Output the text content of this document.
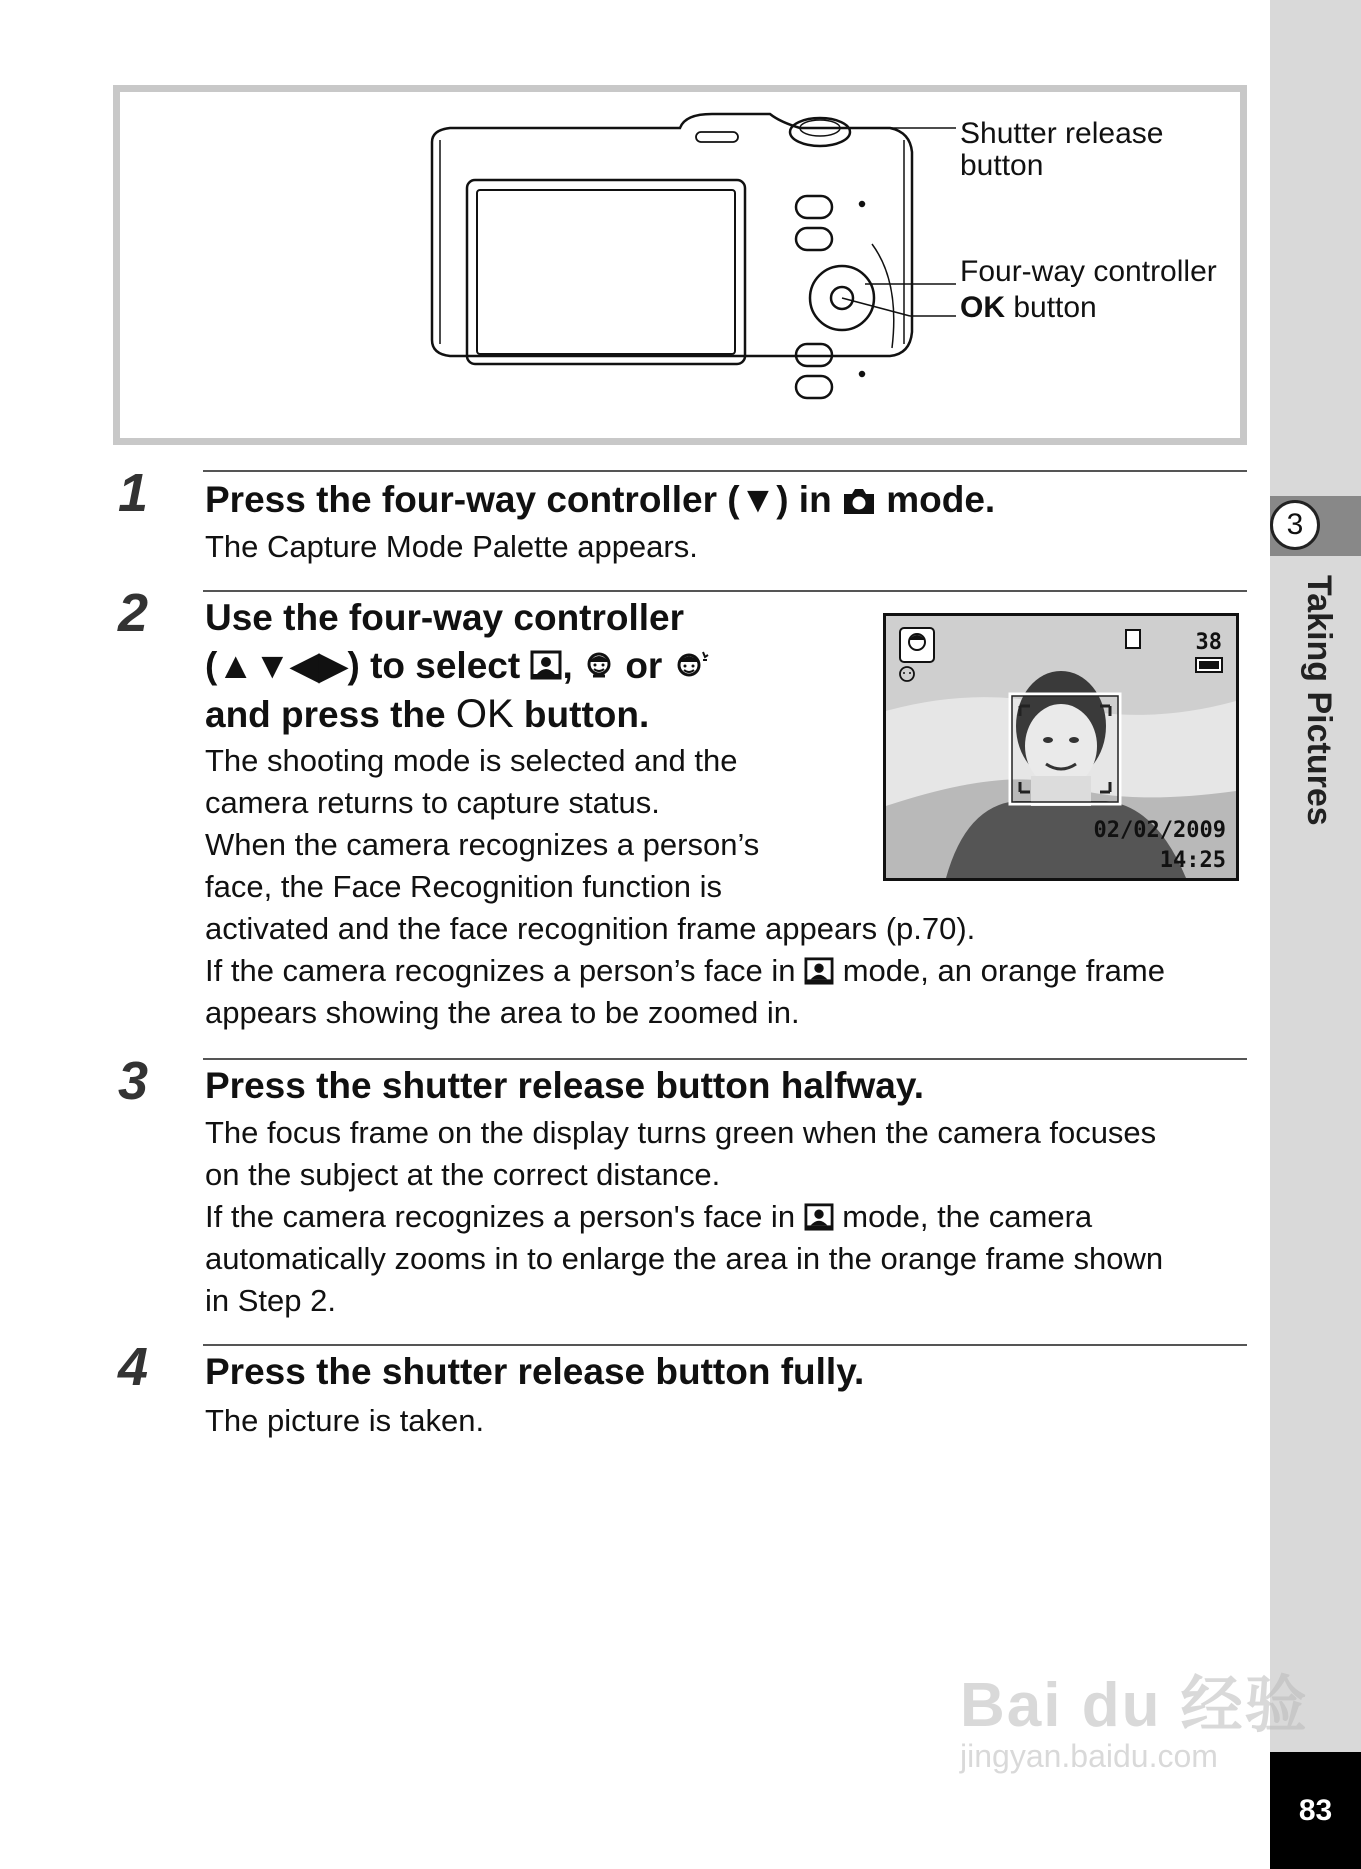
3
Taking Pictures
83
Shutter release button
Four-way controller
OK button
1 Press the four-way controller (▼) in  mode.

The Capture Mode Palette appears.

2 Use the four-way controller
(▲▼◀▶) to select , or
and press the OK button.

The shooting mode is selected and the

camera returns to capture status.

When the camera recognizes a person’s

face, the Face Recognition function is

activated and the face recognition frame appears (p.70).

If the camera recognizes a person’s face in  mode, an orange frame

appears showing the area to be zoomed in.

38
02/02/2009
14:25
3 Press the shutter release button halfway.

The focus frame on the display turns green when the camera focuses

on the subject at the correct distance.

If the camera recognizes a person's face in  mode, the camera

automatically zooms in to enlarge the area in the orange frame shown

in Step 2.

4 Press the shutter release button fully.

The picture is taken.

Bai du 经验
jingyan.baidu.com
